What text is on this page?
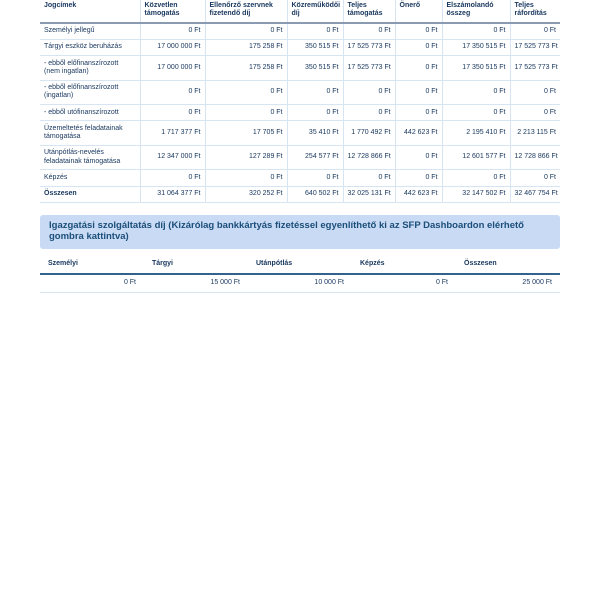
Jogcímek	Közvetlen támogatás	Ellenőrző szervnek fizetendő díj	Közreműködői díj	Teljes támogatás	Önerő	Elszámolandó összeg	Teljes ráfordítás
Személyi jellegű	0 Ft	0 Ft	0 Ft	0 Ft	0 Ft	0 Ft	0 Ft
Tárgyi eszköz beruházás	17 000 000 Ft	175 258 Ft	350 515 Ft	17 525 773 Ft	0 Ft	17 350 515 Ft	17 525 773 Ft
- ebből előfinanszírozott (nem ingatlan)	17 000 000 Ft	175 258 Ft	350 515 Ft	17 525 773 Ft	0 Ft	17 350 515 Ft	17 525 773 Ft
- ebből előfinanszírozott (ingatlan)	0 Ft	0 Ft	0 Ft	0 Ft	0 Ft	0 Ft	0 Ft
- ebből utófinanszírozott	0 Ft	0 Ft	0 Ft	0 Ft	0 Ft	0 Ft	0 Ft
Üzemeltetés feladatainak támogatása	1 717 377 Ft	17 705 Ft	35 410 Ft	1 770 492 Ft	442 623 Ft	2 195 410 Ft	2 213 115 Ft
Utánpótlás-nevelés feladatainak támogatása	12 347 000 Ft	127 289 Ft	254 577 Ft	12 728 866 Ft	0 Ft	12 601 577 Ft	12 728 866 Ft
Képzés	0 Ft	0 Ft	0 Ft	0 Ft	0 Ft	0 Ft	0 Ft
Összesen	31 064 377 Ft	320 252 Ft	640 502 Ft	32 025 131 Ft	442 623 Ft	32 147 502 Ft	32 467 754 Ft
Igazgatási szolgáltatás díj (Kizárólag bankkártyás fizetéssel egyenlíthető ki az SFP Dashboardon elérhető gombra kattintva)
Személyi	Tárgyi	Utánpótlás	Képzés	Összesen
0 Ft	15 000 Ft	10 000 Ft	0 Ft	25 000 Ft
